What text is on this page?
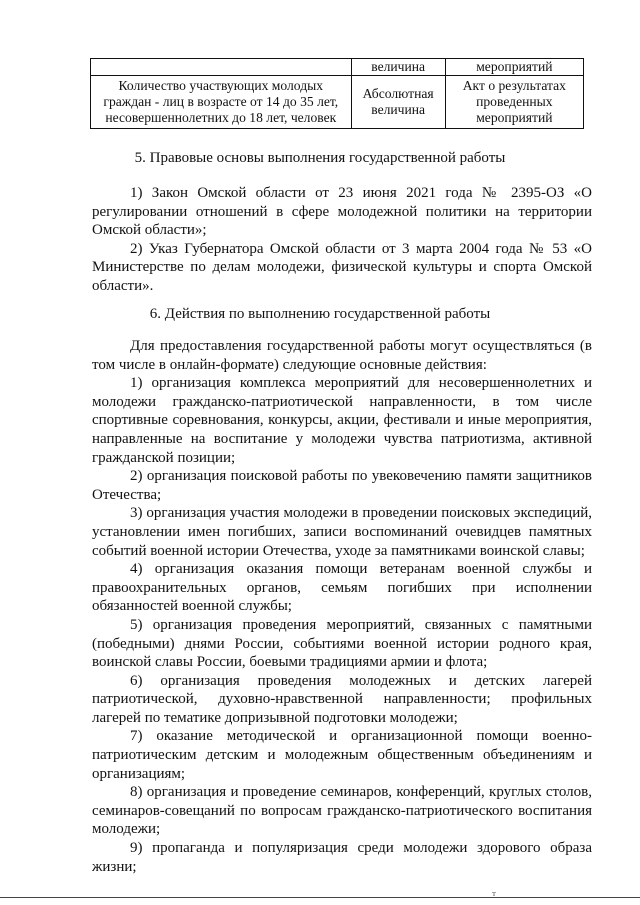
	величина	мероприятий
Количество участвующих молодых граждан - лиц в возрасте от 14 до 35 лет, несовершеннолетних до 18 лет, человек	Абсолютная величина	Акт о результатах проведенных мероприятий
5. Правовые основы выполнения государственной работы

1) Закон Омской области от 23 июня 2021 года № 2395-ОЗ «О регулировании отношений в сфере молодежной политики на территории Омской области»;

2) Указ Губернатора Омской области от 3 марта 2004 года № 53 «О Министерстве по делам молодежи, физической культуры и спорта Омской области».

6. Действия по выполнению государственной работы

Для предоставления государственной работы могут осуществляться (в том числе в онлайн-формате) следующие основные действия:

1) организация комплекса мероприятий для несовершеннолетних и молодежи гражданско-патриотической направленности, в том числе спортивные соревнования, конкурсы, акции, фестивали и иные мероприятия, направленные на воспитание у молодежи чувства патриотизма, активной гражданской позиции;

2) организация поисковой работы по увековечению памяти защитников Отечества;

3) организация участия молодежи в проведении поисковых экспедиций, установлении имен погибших, записи воспоминаний очевидцев памятных событий военной истории Отечества, уходе за памятниками воинской славы;

4) организация оказания помощи ветеранам военной службы и правоохранительных органов, семьям погибших при исполнении обязанностей военной службы;

5) организация проведения мероприятий, связанных с памятными (победными) днями России, событиями военной истории родного края, воинской славы России, боевыми традициями армии и флота;

6) организация проведения молодежных и детских лагерей патриотической, духовно-нравственной направленности; профильных лагерей по тематике допризывной подготовки молодежи;

7) оказание методической и организационной помощи военно-патриотическим детским и молодежным общественным объединениям и организациям;

8) организация и проведение семинаров, конференций, круглых столов, семинаров-совещаний по вопросам гражданско-патриотического воспитания молодежи;

9) пропаганда и популяризация среди молодежи здорового образа жизни;

ᵀ
